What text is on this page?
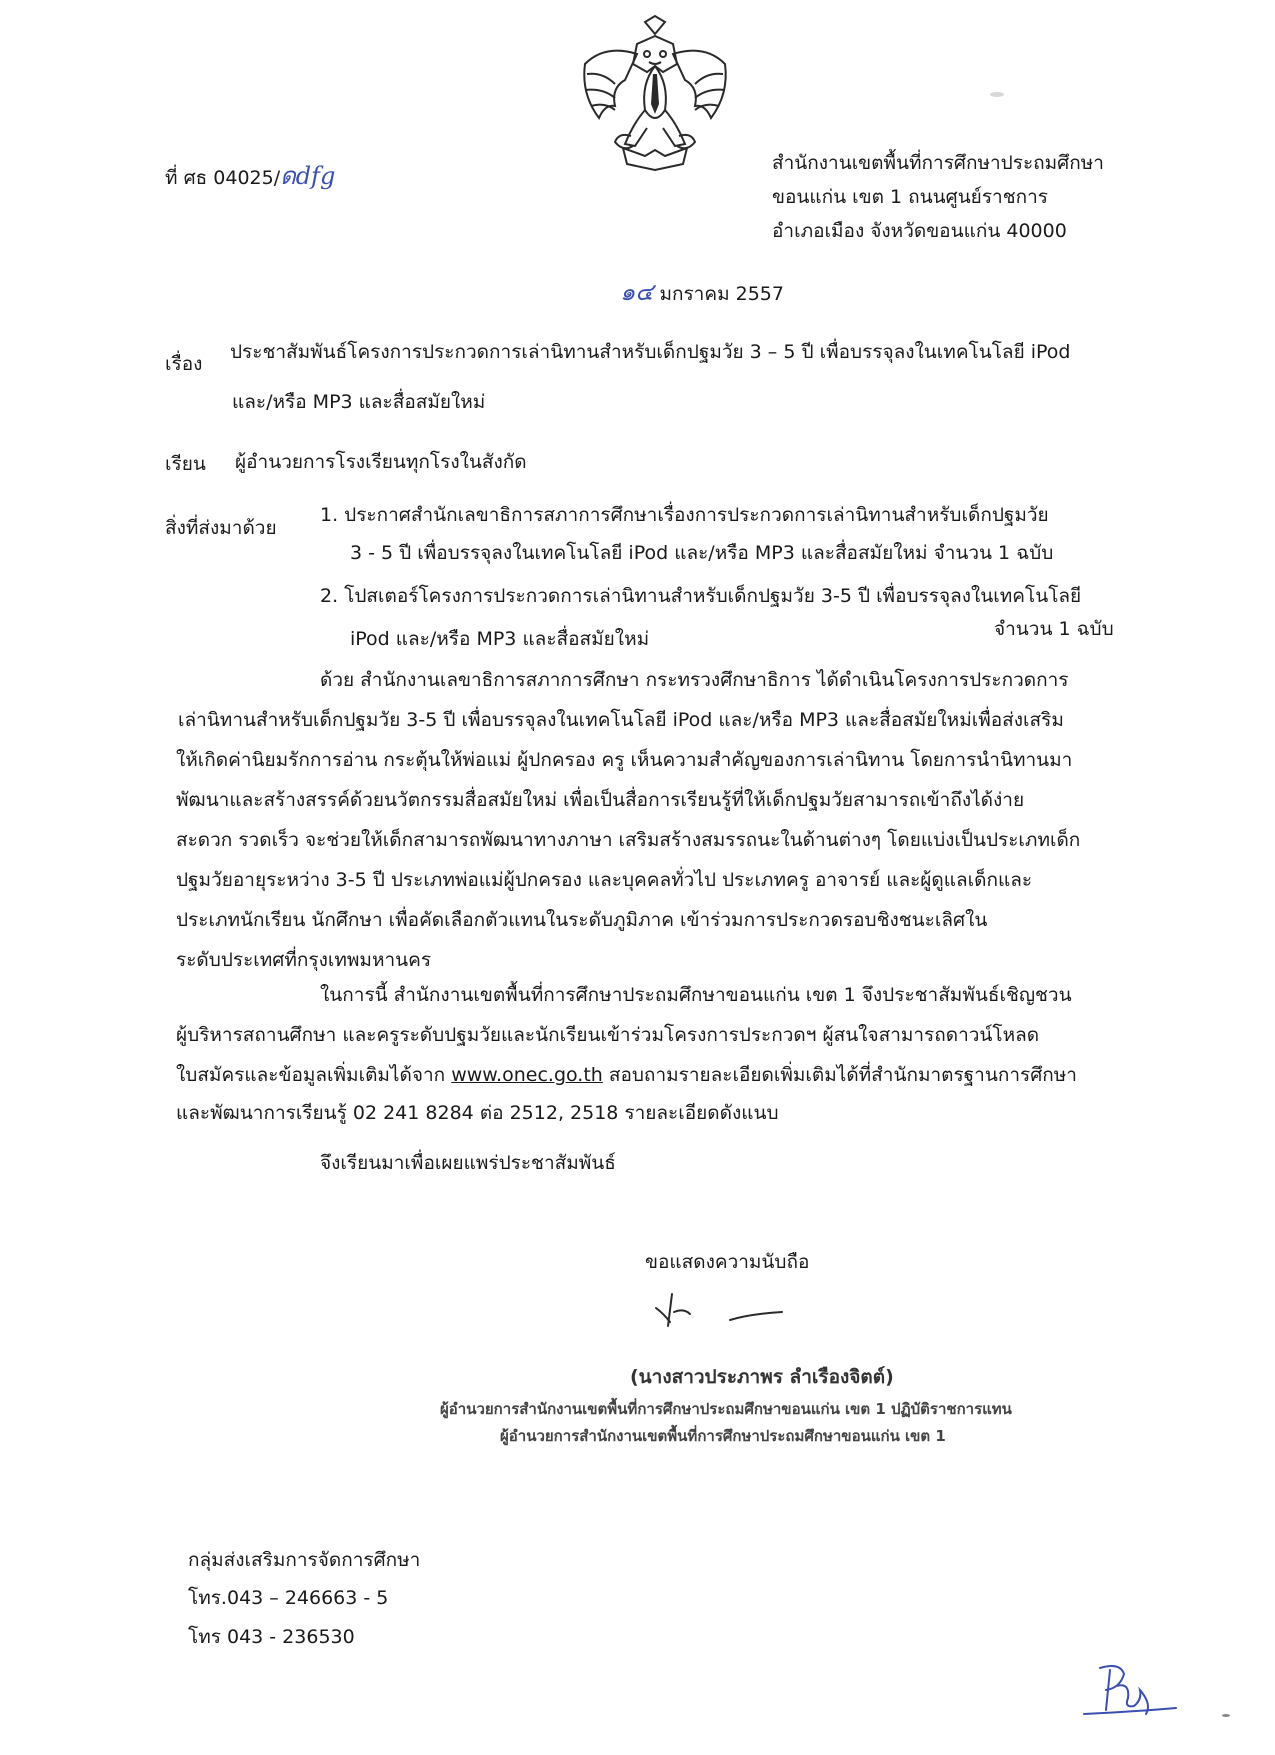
ที่ ศธ 04025/ดdfg	สำนักงานเขตพื้นที่การศึกษาประถมศึกษา
ขอนแก่น เขต 1 ถนนศูนย์ราชการ
อำเภอเมือง จังหวัดขอนแก่น 40000
๑๔ มกราคม 2557
เรื่อง
ประชาสัมพันธ์โครงการประกวดการเล่านิทานสำหรับเด็กปฐมวัย 3 – 5 ปี เพื่อบรรจุลงในเทคโนโลยี iPod
และ/หรือ MP3 และสื่อสมัยใหม่
เรียน ผู้อำนวยการโรงเรียนทุกโรงในสังกัด
สิ่งที่ส่งมาด้วย
1. ประกาศสำนักเลขาธิการสภาการศึกษาเรื่องการประกวดการเล่านิทานสำหรับเด็กปฐมวัย
3 - 5 ปี เพื่อบรรจุลงในเทคโนโลยี iPod และ/หรือ MP3 และสื่อสมัยใหม่ จำนวน 1 ฉบับ
2. โปสเตอร์โครงการประกวดการเล่านิทานสำหรับเด็กปฐมวัย 3-5 ปี เพื่อบรรจุลงในเทคโนโลยี
iPod และ/หรือ MP3 และสื่อสมัยใหม่	จำนวน 1 ฉบับ
ด้วย สำนักงานเลขาธิการสภาการศึกษา กระทรวงศึกษาธิการ ได้ดำเนินโครงการประกวดการ
เล่านิทานสำหรับเด็กปฐมวัย 3-5 ปี เพื่อบรรจุลงในเทคโนโลยี iPod และ/หรือ MP3 และสื่อสมัยใหม่เพื่อส่งเสริม
ให้เกิดค่านิยมรักการอ่าน กระตุ้นให้พ่อแม่ ผู้ปกครอง ครู เห็นความสำคัญของการเล่านิทาน โดยการนำนิทานมา
พัฒนาและสร้างสรรค์ด้วยนวัตกรรมสื่อสมัยใหม่ เพื่อเป็นสื่อการเรียนรู้ที่ให้เด็กปฐมวัยสามารถเข้าถึงได้ง่าย
สะดวก รวดเร็ว จะช่วยให้เด็กสามารถพัฒนาทางภาษา เสริมสร้างสมรรถนะในด้านต่างๆ โดยแบ่งเป็นประเภทเด็ก
ปฐมวัยอายุระหว่าง 3-5 ปี ประเภทพ่อแม่ผู้ปกครอง และบุคคลทั่วไป ประเภทครู อาจารย์ และผู้ดูแลเด็กและ
ประเภทนักเรียน นักศึกษา เพื่อคัดเลือกตัวแทนในระดับภูมิภาค เข้าร่วมการประกวดรอบชิงชนะเลิศใน
ระดับประเทศที่กรุงเทพมหานคร
ในการนี้ สำนักงานเขตพื้นที่การศึกษาประถมศึกษาขอนแก่น เขต 1 จึงประชาสัมพันธ์เชิญชวน
ผู้บริหารสถานศึกษา และครูระดับปฐมวัยและนักเรียนเข้าร่วมโครงการประกวดฯ ผู้สนใจสามารถดาวน์โหลด
ใบสมัครและข้อมูลเพิ่มเติมได้จาก www.onec.go.th สอบถามรายละเอียดเพิ่มเติมได้ที่สำนักมาตรฐานการศึกษา
และพัฒนาการเรียนรู้ 02 241 8284 ต่อ 2512, 2518 รายละเอียดดังแนบ
จึงเรียนมาเพื่อเผยแพร่ประชาสัมพันธ์
ขอแสดงความนับถือ
(นางสาวประภาพร ลำเรืองจิตต์)
ผู้อำนวยการสำนักงานเขตพื้นที่การศึกษาประถมศึกษาขอนแก่น เขต 1 ปฏิบัติราชการแทน
ผู้อำนวยการสำนักงานเขตพื้นที่การศึกษาประถมศึกษาขอนแก่น เขต 1
กลุ่มส่งเสริมการจัดการศึกษา
โทร.043 – 246663 - 5
โทร 043 - 236530
